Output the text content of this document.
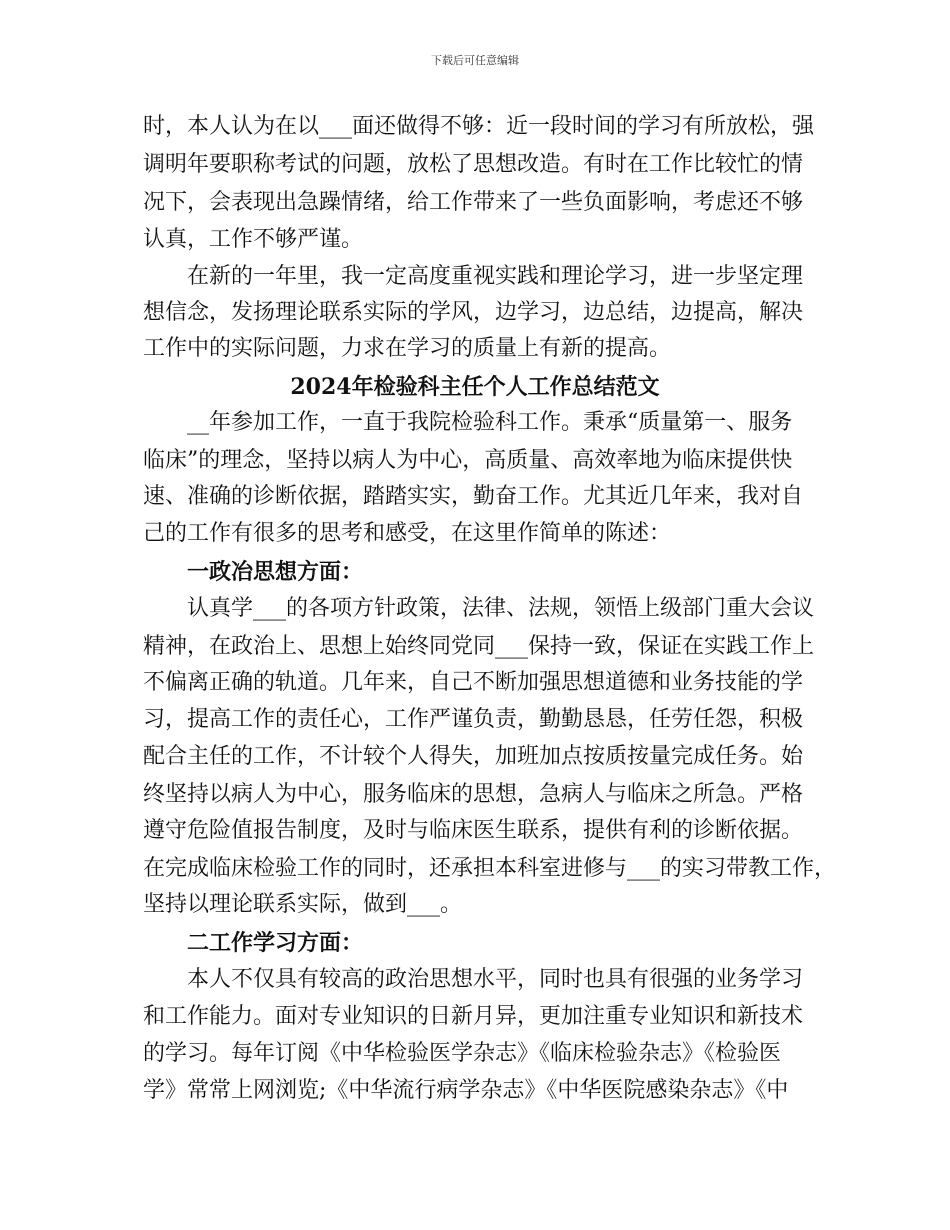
下载后可任意编辑
时，本人认为在以___面还做得不够：近一段时间的学习有所放松，强
调明年要职称考试的问题，放松了思想改造。有时在工作比较忙的情
况下，会表现出急躁情绪，给工作带来了一些负面影响，考虑还不够
认真，工作不够严谨。
在新的一年里，我一定高度重视实践和理论学习，进一步坚定理
想信念，发扬理论联系实际的学风，边学习，边总结，边提高，解决
工作中的实际问题，力求在学习的质量上有新的提高。
2024年检验科主任个人工作总结范文
__年参加工作，一直于我院检验科工作。秉承“质量第一、服务
临床”的理念，坚持以病人为中心，高质量、高效率地为临床提供快
速、准确的诊断依据，踏踏实实，勤奋工作。尤其近几年来，我对自
己的工作有很多的思考和感受，在这里作简单的陈述：
一政冶思想方面：
认真学___的各项方针政策，法律、法规，领悟上级部门重大会议
精神，在政治上、思想上始终同党同___保持一致，保证在实践工作上
不偏离正确的轨道。几年来，自己不断加强思想道德和业务技能的学
习，提高工作的责任心，工作严谨负责，勤勤恳恳，任劳任怨，积极
配合主任的工作，不计较个人得失，加班加点按质按量完成任务。始
终坚持以病人为中心，服务临床的思想，急病人与临床之所急。严格
遵守危险值报告制度，及时与临床医生联系，提供有利的诊断依据。
在完成临床检验工作的同时，还承担本科室进修与___的实习带教工作，
坚持以理论联系实际，做到___。
二工作学习方面：
本人不仅具有较高的政治思想水平，同时也具有很强的业务学习
和工作能力。面对专业知识的日新月异，更加注重专业知识和新技术
的学习。每年订阅《中华检验医学杂志》《临床检验杂志》《检验医
学》常常上网浏览;《中华流行病学杂志》《中华医院感染杂志》《中
